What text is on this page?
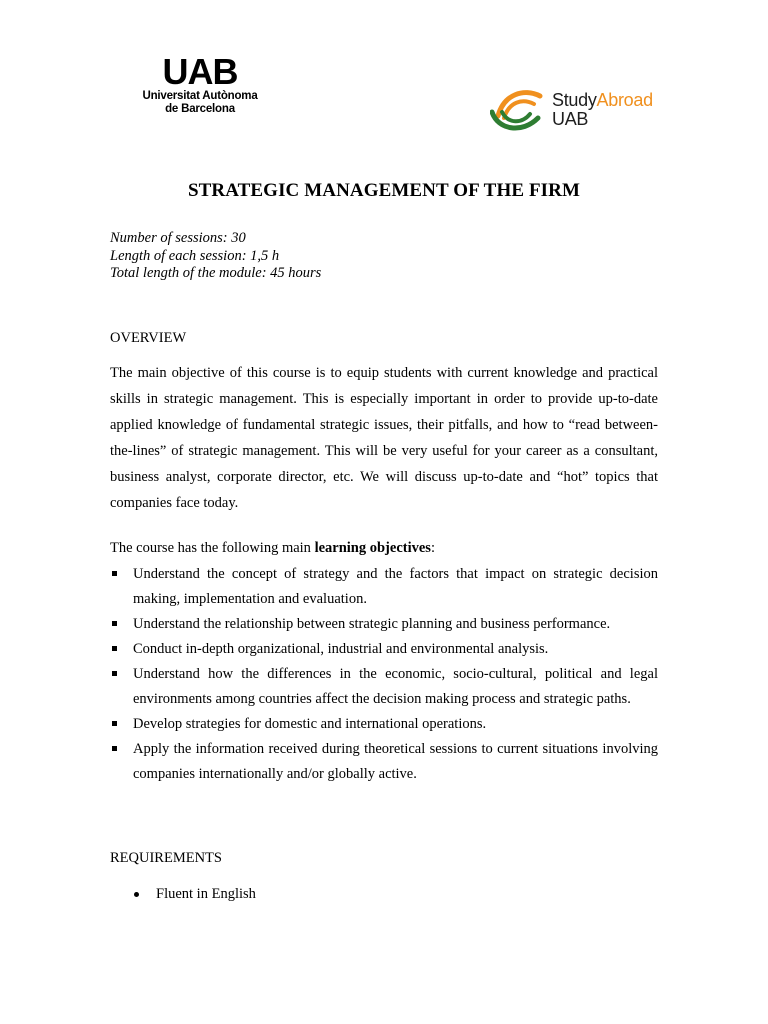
UAB
Universitat Autònoma
de Barcelona	StudyAbroad
UAB
STRATEGIC MANAGEMENT OF THE FIRM
Number of sessions: 30
Length of each session: 1,5 h
Total length of the module: 45 hours
OVERVIEW
The main objective of this course is to equip students with current knowledge and practical skills in strategic management. This is especially important in order to provide up-to-date applied knowledge of fundamental strategic issues, their pitfalls, and how to “read between-the-lines” of strategic management. This will be very useful for your career as a consultant, business analyst, corporate director, etc. We will discuss up-to-date and “hot” topics that companies face today.
The course has the following main learning objectives:
Understand the concept of strategy and the factors that impact on strategic decision making, implementation and evaluation.
Understand the relationship between strategic planning and business performance.
Conduct in-depth organizational, industrial and environmental analysis.
Understand how the differences in the economic, socio-cultural, political and legal environments among countries affect the decision making process and strategic paths.
Develop strategies for domestic and international operations.
Apply the information received during theoretical sessions to current situations involving companies internationally and/or globally active.
REQUIREMENTS
Fluent in English
